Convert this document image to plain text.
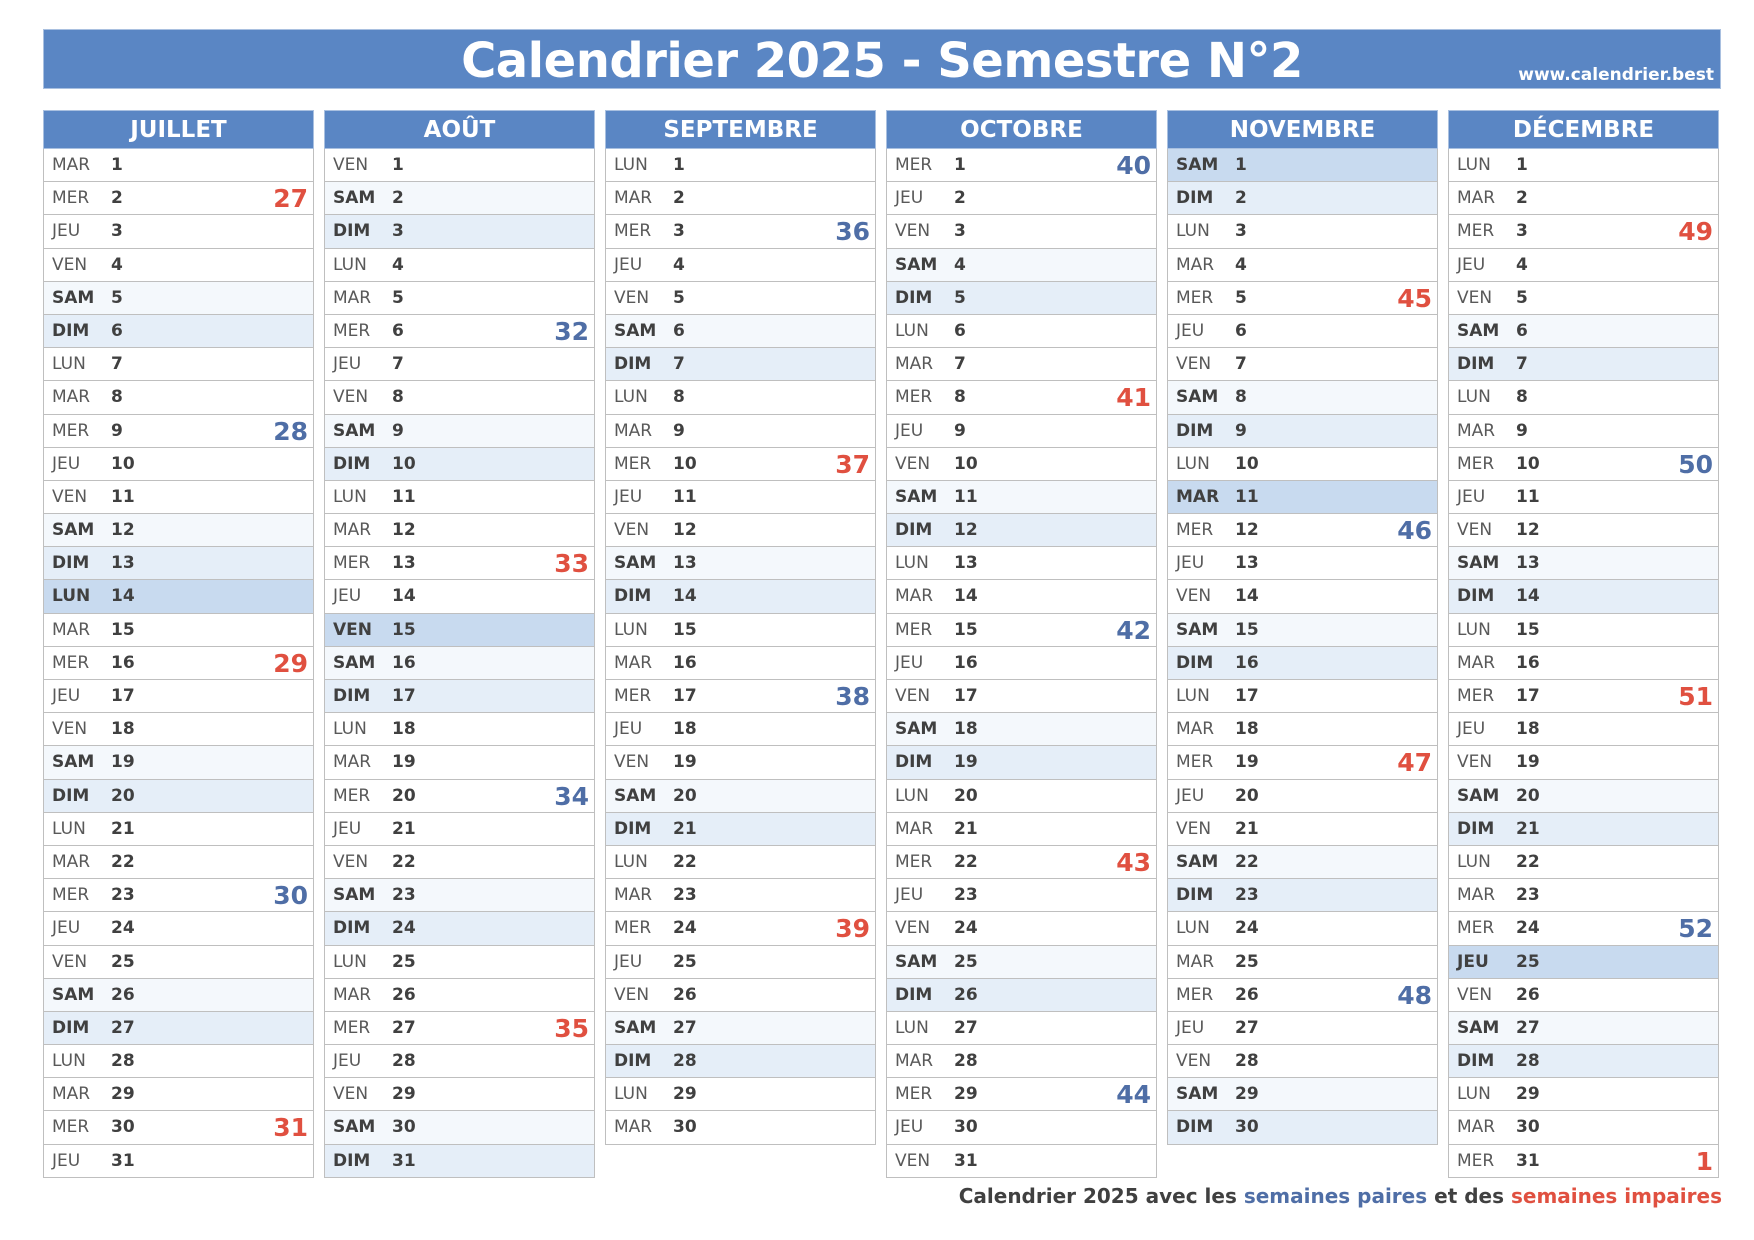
Calendrier 2025 - Semestre N°2	www.calendrier.best
JUILLET
MAR 1
MER 2	27
JEU 3
VEN 4
SAM 5
DIM 6
LUN 7
MAR 8
MER 9	28
JEU 10
VEN 11
SAM 12
DIM 13
LUN 14
MAR 15
MER 16	29
JEU 17
VEN 18
SAM 19
DIM 20
LUN 21
MAR 22
MER 23	30
JEU 24
VEN 25
SAM 26
DIM 27
LUN 28
MAR 29
MER 30	31
JEU 31
AOÛT
VEN 1
SAM 2
DIM 3
LUN 4
MAR 5
MER 6	32
JEU 7
VEN 8
SAM 9
DIM 10
LUN 11
MAR 12
MER 13	33
JEU 14
VEN 15
SAM 16
DIM 17
LUN 18
MAR 19
MER 20	34
JEU 21
VEN 22
SAM 23
DIM 24
LUN 25
MAR 26
MER 27	35
JEU 28
VEN 29
SAM 30
DIM 31
SEPTEMBRE
LUN 1
MAR 2
MER 3	36
JEU 4
VEN 5
SAM 6
DIM 7
LUN 8
MAR 9
MER 10	37
JEU 11
VEN 12
SAM 13
DIM 14
LUN 15
MAR 16
MER 17	38
JEU 18
VEN 19
SAM 20
DIM 21
LUN 22
MAR 23
MER 24	39
JEU 25
VEN 26
SAM 27
DIM 28
LUN 29
MAR 30
OCTOBRE
MER 1	40
JEU 2
VEN 3
SAM 4
DIM 5
LUN 6
MAR 7
MER 8	41
JEU 9
VEN 10
SAM 11
DIM 12
LUN 13
MAR 14
MER 15	42
JEU 16
VEN 17
SAM 18
DIM 19
LUN 20
MAR 21
MER 22	43
JEU 23
VEN 24
SAM 25
DIM 26
LUN 27
MAR 28
MER 29	44
JEU 30
VEN 31
NOVEMBRE
SAM 1
DIM 2
LUN 3
MAR 4
MER 5	45
JEU 6
VEN 7
SAM 8
DIM 9
LUN 10
MAR 11
MER 12	46
JEU 13
VEN 14
SAM 15
DIM 16
LUN 17
MAR 18
MER 19	47
JEU 20
VEN 21
SAM 22
DIM 23
LUN 24
MAR 25
MER 26	48
JEU 27
VEN 28
SAM 29
DIM 30
DÉCEMBRE
LUN 1
MAR 2
MER 3	49
JEU 4
VEN 5
SAM 6
DIM 7
LUN 8
MAR 9
MER 10	50
JEU 11
VEN 12
SAM 13
DIM 14
LUN 15
MAR 16
MER 17	51
JEU 18
VEN 19
SAM 20
DIM 21
LUN 22
MAR 23
MER 24	52
JEU 25
VEN 26
SAM 27
DIM 28
LUN 29
MAR 30
MER 31	1
Calendrier 2025 avec les semaines paires et des semaines impaires
